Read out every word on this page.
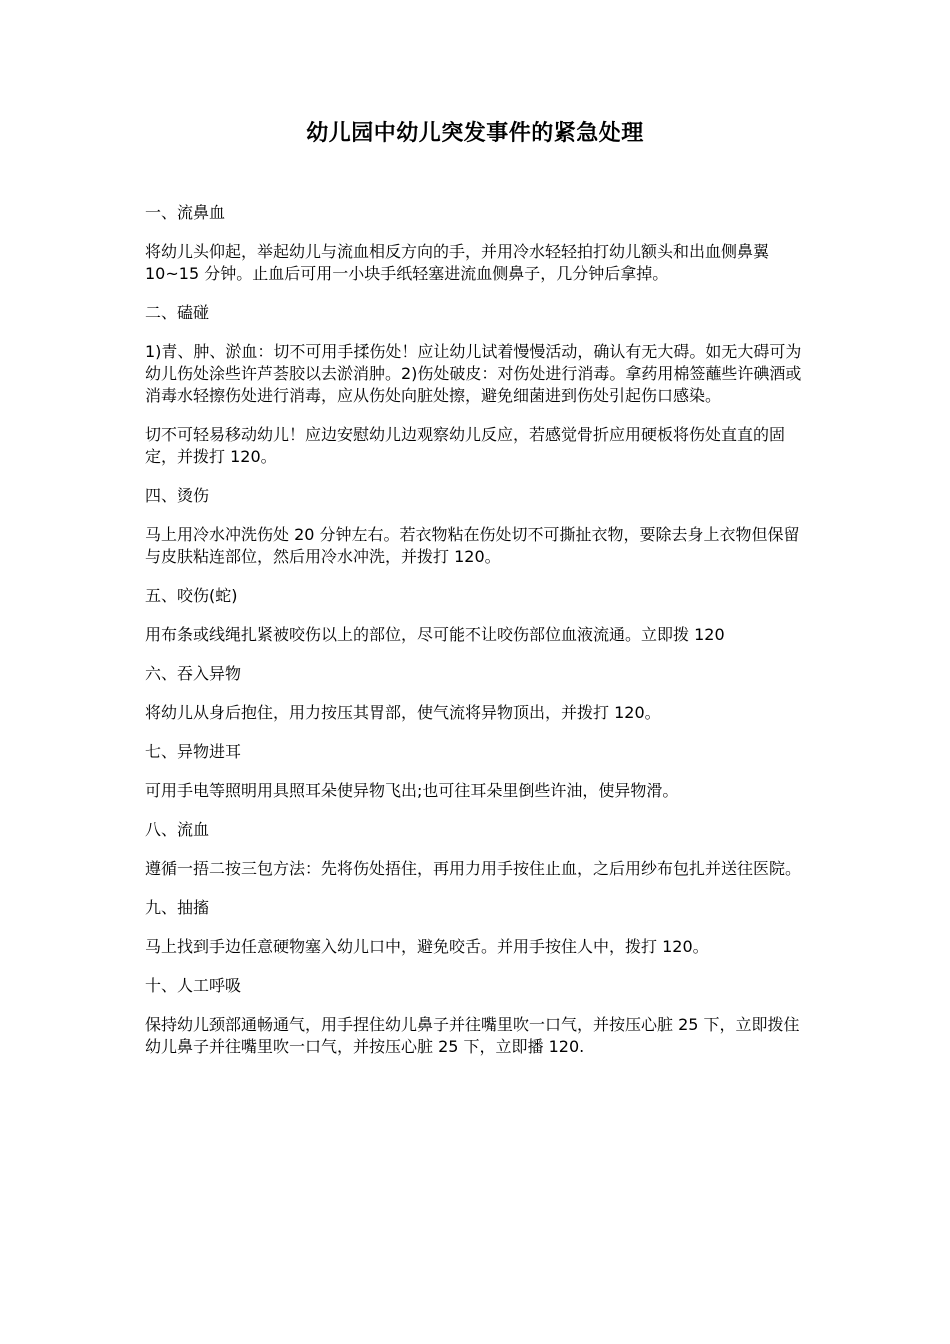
幼儿园中幼儿突发事件的紧急处理
一、流鼻血
将幼儿头仰起，举起幼儿与流血相反方向的手，并用冷水轻轻拍打幼儿额头和出血侧鼻翼 10~15 分钟。止血后可用一小块手纸轻塞进流血侧鼻子，几分钟后拿掉。
二、磕碰
1)青、肿、淤血：切不可用手揉伤处！应让幼儿试着慢慢活动，确认有无大碍。如无大碍可为幼儿伤处涂些许芦荟胶以去淤消肿。2)伤处破皮：对伤处进行消毒。拿药用棉签蘸些许碘酒或消毒水轻擦伤处进行消毒，应从伤处向脏处擦，避免细菌进到伤处引起伤口感染。
切不可轻易移动幼儿！应边安慰幼儿边观察幼儿反应，若感觉骨折应用硬板将伤处直直的固定，并拨打 120。
四、烫伤
马上用冷水冲洗伤处 20 分钟左右。若衣物粘在伤处切不可撕扯衣物，要除去身上衣物但保留与皮肤粘连部位，然后用冷水冲洗，并拨打 120。
五、咬伤(蛇)
用布条或线绳扎紧被咬伤以上的部位，尽可能不让咬伤部位血液流通。立即拨 120
六、吞入异物
将幼儿从身后抱住，用力按压其胃部，使气流将异物顶出，并拨打 120。
七、异物进耳
可用手电等照明用具照耳朵使异物飞出;也可往耳朵里倒些许油，使异物滑。
八、流血
遵循一捂二按三包方法：先将伤处捂住，再用力用手按住止血，之后用纱布包扎并送往医院。
九、抽搐
马上找到手边任意硬物塞入幼儿口中，避免咬舌。并用手按住人中，拨打 120。
十、人工呼吸
保持幼儿颈部通畅通气，用手捏住幼儿鼻子并往嘴里吹一口气，并按压心脏 25 下，立即拨住幼儿鼻子并往嘴里吹一口气，并按压心脏 25 下，立即播 120.
